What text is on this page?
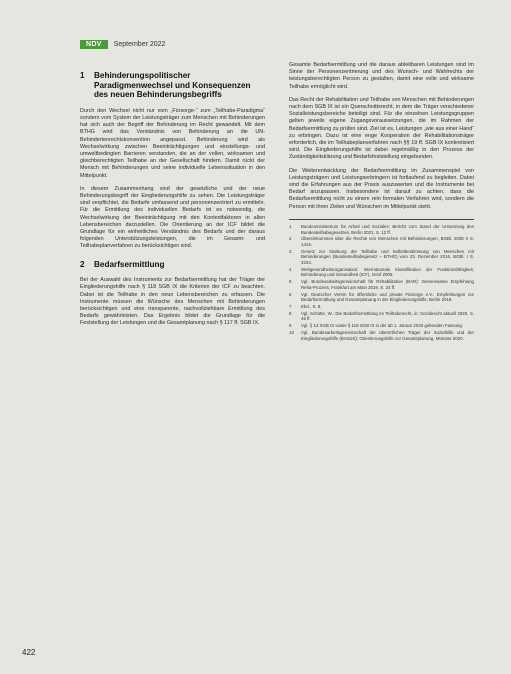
NDV	September 2022
1	Behinderungspolitischer Paradigmenwechsel und Konsequenzen des neuen Behinderungsbegriffs

Durch den Wechsel nicht nur vom „Fürsorge-“ zum „Teilhabe-Paradigma“ sondern vom System der Leistungsträger zum Menschen mit Behinderungen hat sich auch der Begriff der Behinderung im Recht gewandelt. Mit dem BTHG wird das Verständnis von Behinderung an die UN-Behindertenrechtskonvention angepasst. Behinderung wird als Wechselwirkung zwischen Beeinträchtigungen und einstellungs- und umweltbedingten Barrieren verstanden, die an der vollen, wirksamen und gleichberechtigten Teilhabe an der Gesellschaft hindern. Damit rückt der Mensch mit Behinderungen und seine individuelle Lebenssituation in den Mittelpunkt.

In diesem Zusammenhang sind der gesetzliche und der neue Behinderungsbegriff der Eingliederungshilfe zu sehen. Die Leistungsträger sind verpflichtet, die Bedarfe umfassend und personenzentriert zu ermitteln. Für die Ermittlung des individuellen Bedarfs ist es notwendig, die Wechselwirkung der Beeinträchtigung mit den Kontextfaktoren in allen Lebensbereichen darzustellen. Die Orientierung an der ICF bildet die Grundlage für ein einheitliches Verständnis des Bedarfs und der daraus folgenden Unterstützungsleistungen, die im Gesamt- und Teilhabeplanverfahren zu berücksichtigen sind.

2	Bedarfsermittlung

Bei der Auswahl des Instruments zur Bedarfsermittlung hat der Träger der Eingliederungshilfe nach § 118 SGB IX die Kriterien der ICF zu beachten. Dabei ist die Teilhabe in den neun Lebensbereichen zu erfassen. Die Instrumente müssen die Wünsche des Menschen mit Behinderungen berücksichtigen und eine transparente, nachvollziehbare Ermittlung des Bedarfs gewährleisten. Das Ergebnis bildet die Grundlage für die Feststellung der Leistungen und die Gesamtplanung nach § 117 ff. SGB IX.

Gesamte Bedarfsermittlung und die daraus ableitbaren Leistungen sind im Sinne der Personenzentrierung und des Wunsch- und Wahlrechts der leistungsberechtigten Person zu gestalten, damit eine volle und wirksame Teilhabe ermöglicht wird.

Das Recht der Rehabilitation und Teilhabe von Menschen mit Behinderungen nach dem SGB IX ist ein Querschnittsrecht, in dem die Träger verschiedener Sozialleistungsbereiche beteiligt sind. Für die einzelnen Leistungsgruppen gelten jeweils eigene Zugangsvoraussetzungen, die im Rahmen der Bedarfsermittlung zu prüfen sind. Ziel ist es, Leistungen „wie aus einer Hand“ zu erbringen. Dazu ist eine enge Kooperation der Rehabilitationsträger erforderlich, die im Teilhabeplanverfahren nach §§ 19 ff. SGB IX konkretisiert wird. Die Eingliederungshilfe ist dabei regelmäßig in den Prozess der Zuständigkeitsklärung und Bedarfsfeststellung eingebunden.

Die Weiterentwicklung der Bedarfsermittlung im Zusammenspiel von Leistungsträgern und Leistungserbringern ist fortlaufend zu begleiten. Dabei sind die Erfahrungen aus der Praxis auszuwerten und die Instrumente bei Bedarf anzupassen. Insbesondere ist darauf zu achten, dass die Bedarfsermittlung nicht zu einem rein formalen Verfahren wird, sondern die Person mit ihren Zielen und Wünschen im Mittelpunkt steht.

1	Bundesministerium für Arbeit und Soziales: Bericht zum Stand der Umsetzung des Bundesteilhabegesetzes, Berlin 2021, S. 12 ff.
2	Übereinkommen über die Rechte von Menschen mit Behinderungen, BGBl. 2008 II S. 1419.
3	Gesetz zur Stärkung der Teilhabe und Selbstbestimmung von Menschen mit Behinderungen (Bundesteilhabegesetz – BTHG) vom 23. Dezember 2016, BGBl. I S. 3234.
4	Weltgesundheitsorganisation: Internationale Klassifikation der Funktionsfähigkeit, Behinderung und Gesundheit (ICF), Genf 2005.
5	Vgl. Bundesarbeitsgemeinschaft für Rehabilitation (BAR): Gemeinsame Empfehlung Reha-Prozess, Frankfurt am Main 2019, S. 24 ff.
6	Vgl. Deutscher Verein für öffentliche und private Fürsorge e.V.: Empfehlungen zur Bedarfsermittlung und Gesamtplanung in der Eingliederungshilfe, Berlin 2019.
7	Ebd., S. 8.
8	Vgl. Schütte, W.: Die Bedarfsermittlung im Teilhaberecht, in: Sozialrecht aktuell 2020, S. 45 ff.
9	Vgl. § 13 SGB IX sowie § 118 SGB IX in der ab 1. Januar 2020 geltenden Fassung.
10	Vgl. Bundesarbeitsgemeinschaft der überörtlichen Träger der Sozialhilfe und der Eingliederungshilfe (BAGüS): Orientierungshilfe zur Gesamtplanung, Münster 2020.
422
